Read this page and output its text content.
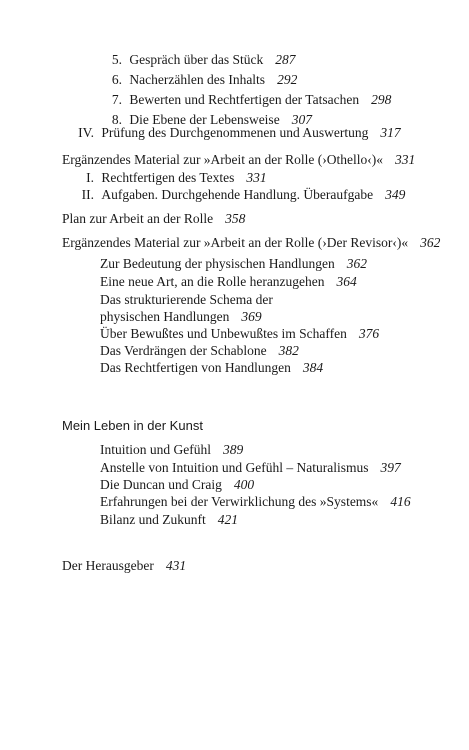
5. Gespräch über das Stück 287
6. Nacherzählen des Inhalts 292
7. Bewerten und Rechtfertigen der Tatsachen 298
8. Die Ebene der Lebensweise 307
IV. Prüfung des Durchgenommenen und Auswertung 317
Ergänzendes Material zur »Arbeit an der Rolle (›Othello‹)« 331
I. Rechtfertigen des Textes 331
II. Aufgaben. Durchgehende Handlung. Überaufgabe 349
Plan zur Arbeit an der Rolle 358
Ergänzendes Material zur »Arbeit an der Rolle (›Der Revisor‹)« 362
Zur Bedeutung der physischen Handlungen 362
Eine neue Art, an die Rolle heranzugehen 364
Das strukturierende Schema der
physischen Handlungen 369
Über Bewußtes und Unbewußtes im Schaffen 376
Das Verdrängen der Schablone 382
Das Rechtfertigen von Handlungen 384
Mein Leben in der Kunst
Intuition und Gefühl 389
Anstelle von Intuition und Gefühl – Naturalismus 397
Die Duncan und Craig 400
Erfahrungen bei der Verwirklichung des »Systems« 416
Bilanz und Zukunft 421
Der Herausgeber 431
